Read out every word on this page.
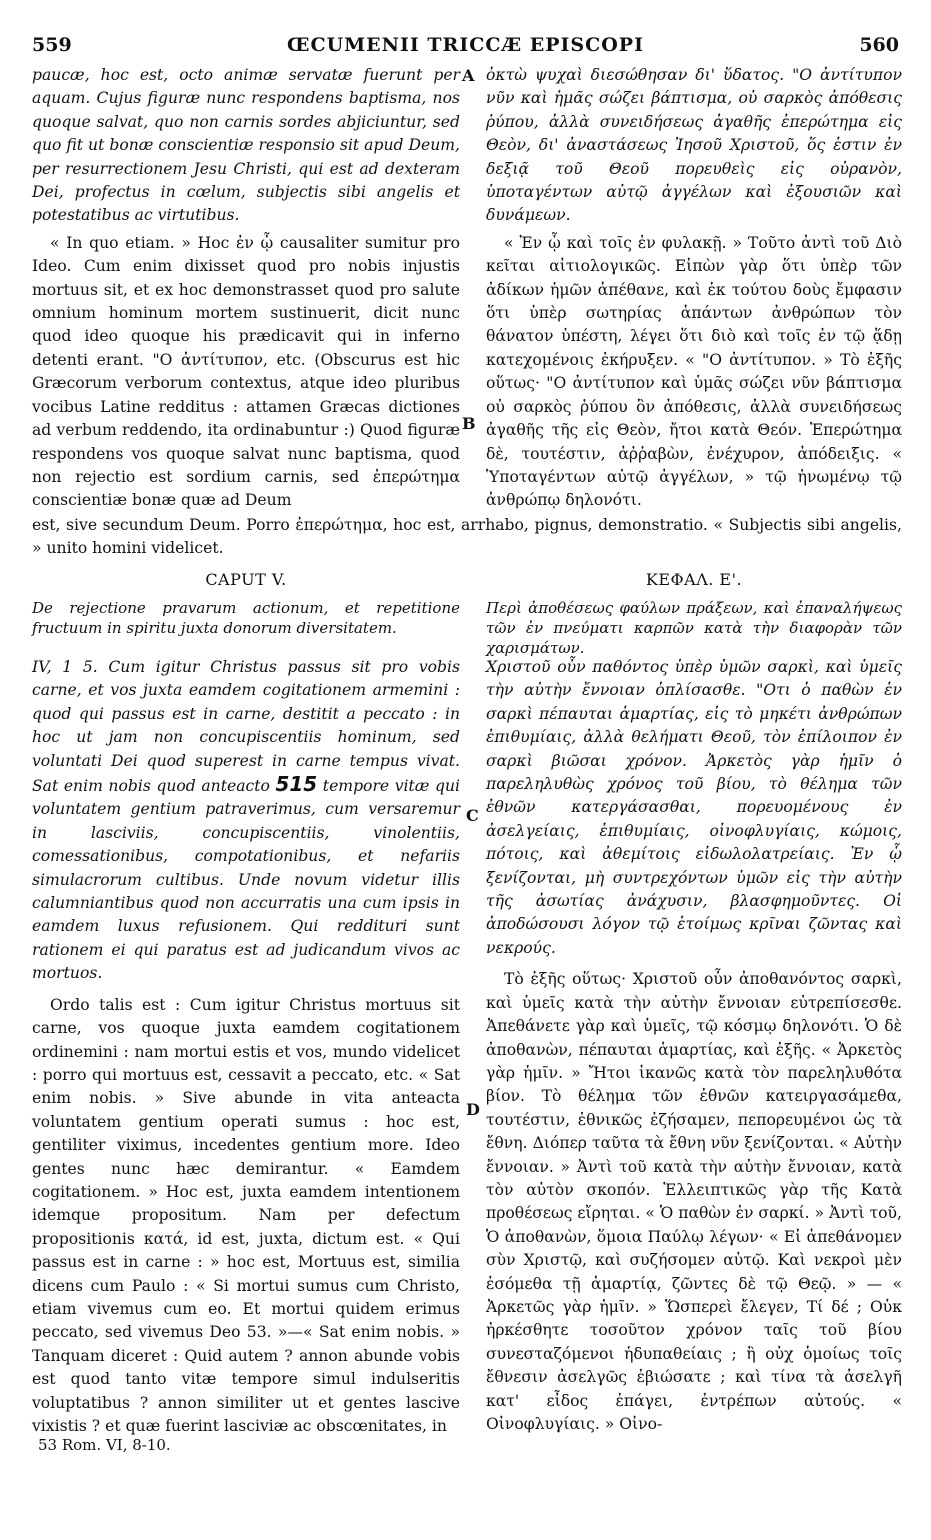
559	ŒCUMENII TRICCÆ EPISCOPI	560

paucæ, hoc est, octo animæ servatæ fuerunt per aquam. Cujus figuræ nunc respondens baptisma, nos quoque salvat, quo non carnis sordes abjiciuntur, sed quo fit ut bonæ conscientiæ responsio sit apud Deum, per resurrectionem Jesu Christi, qui est ad dexteram Dei, profectus in cœlum, subjectis sibi angelis et potestatibus ac virtutibus.

« In quo etiam. » Hoc ἐν ᾧ causaliter sumitur pro Ideo. Cum enim dixisset quod pro nobis injustis mortuus sit, et ex hoc demonstrasset quod pro salute omnium hominum mortem sustinuerit, dicit nunc quod ideo quoque his prædicavit qui in inferno detenti erant. "Ο ἀντίτυπον, etc. (Obscurus est hic Græcorum verborum contextus, atque ideo pluribus vocibus Latine redditus : attamen Græcas dictiones ad verbum reddendo, ita ordinabuntur :) Quod figuræ respondens vos quoque salvat nunc baptisma, quod non rejectio est sordium carnis, sed ἐπερώτημα conscientiæ bonæ quæ ad Deum

ὀκτὼ ψυχαὶ διεσώθησαν δι' ὕδατος. "Ο ἀντίτυπον νῦν καὶ ἡμᾶς σώζει βάπτισμα, οὐ σαρκὸς ἀπόθεσις ῥύπου, ἀλλὰ συνειδήσεως ἀγαθῆς ἐπερώτημα εἰς Θεὸν, δι' ἀναστάσεως Ἰησοῦ Χριστοῦ, ὅς ἐστιν ἐν δεξιᾷ τοῦ Θεοῦ πορευθεὶς εἰς οὐρανὸν, ὑποταγέντων αὐτῷ ἀγγέλων καὶ ἐξουσιῶν καὶ δυνάμεων.

« Ἐν ᾧ καὶ τοῖς ἐν φυλακῇ. » Τοῦτο ἀντὶ τοῦ Διὸ κεῖται αἰτιολογικῶς. Εἰπὼν γὰρ ὅτι ὑπὲρ τῶν ἀδίκων ἡμῶν ἀπέθανε, καὶ ἐκ τούτου δοὺς ἔμφασιν ὅτι ὑπὲρ σωτηρίας ἁπάντων ἀνθρώπων τὸν θάνατον ὑπέστη, λέγει ὅτι διὸ καὶ τοῖς ἐν τῷ ᾅδῃ κατεχομένοις ἐκήρυξεν. « "Ο ἀντίτυπον. » Τὸ ἑξῆς οὕτως· "Ο ἀντίτυπον καὶ ὑμᾶς σώζει νῦν βάπτισμα οὐ σαρκὸς ῥύπου ὂν ἀπόθεσις, ἀλλὰ συνειδήσεως ἀγαθῆς τῆς εἰς Θεὸν, ἤτοι κατὰ Θεόν. Ἐπερώτημα δὲ, τουτέστιν, ἀῤῥαβὼν, ἐνέχυρον, ἀπόδειξις. « Ὑποταγέντων αὐτῷ ἀγγέλων, » τῷ ἡνωμένῳ τῷ ἀνθρώπῳ δηλονότι.

est, sive secundum Deum. Porro ἐπερώτημα, hoc est, arrhabo, pignus, demonstratio. « Subjectis sibi angelis, » unito homini videlicet.
A
B
CAPUT V.	ΚΕΦΑΛ. Ε'.
De rejectione pravarum actionum, et repetitione fructuum in spiritu juxta donorum diversitatem.
Περὶ ἀποθέσεως φαύλων πράξεων, καὶ ἐπαναλήψεως τῶν ἐν πνεύματι καρπῶν κατὰ τὴν διαφορὰν τῶν χαρισμάτων.

IV, 1 5. Cum igitur Christus passus sit pro vobis carne, et vos juxta eamdem cogitationem armemini : quod qui passus est in carne, destitit a peccato : in hoc ut jam non concupiscentiis hominum, sed voluntati Dei quod superest in carne tempus vivat. Sat enim nobis quod anteacto 515 tempore vitæ qui voluntatem gentium patraverimus, cum versaremur in lasciviis, concupiscentiis, vinolentiis, comessationibus, compotationibus, et nefariis simulacrorum cultibus. Unde novum videtur illis calumniantibus quod non accurratis una cum ipsis in eamdem luxus refusionem. Qui reddituri sunt rationem ei qui paratus est ad judicandum vivos ac mortuos.

Ordo talis est : Cum igitur Christus mortuus sit carne, vos quoque juxta eamdem cogitationem ordinemini : nam mortui estis et vos, mundo videlicet : porro qui mortuus est, cessavit a peccato, etc. « Sat enim nobis. » Sive abunde in vita anteacta voluntatem gentium operati sumus : hoc est, gentiliter viximus, incedentes gentium more. Ideo gentes nunc hæc demirantur. « Eamdem cogitationem. » Hoc est, juxta eamdem intentionem idemque propositum. Nam per defectum propositionis κατά, id est, juxta, dictum est. « Qui passus est in carne : » hoc est, Mortuus est, similia dicens cum Paulo : « Si mortui sumus cum Christo, etiam vivemus cum eo. Et mortui quidem erimus peccato, sed vivemus Deo 53. »—« Sat enim nobis. » Tanquam diceret : Quid autem ? annon abunde vobis est quod tanto vitæ tempore simul indulseritis voluptatibus ? annon similiter ut et gentes lascive vixistis ? et quæ fuerint lasciviæ ac obscœnitates, in

Χριστοῦ οὖν παθόντος ὑπὲρ ὑμῶν σαρκὶ, καὶ ὑμεῖς τὴν αὐτὴν ἔννοιαν ὁπλίσασθε. "Οτι ὁ παθὼν ἐν σαρκὶ πέπαυται ἁμαρτίας, εἰς τὸ μηκέτι ἀνθρώπων ἐπιθυμίαις, ἀλλὰ θελήματι Θεοῦ, τὸν ἐπίλοιπον ἐν σαρκὶ βιῶσαι χρόνον. Ἀρκετὸς γὰρ ἡμῖν ὁ παρεληλυθὼς χρόνος τοῦ βίου, τὸ θέλημα τῶν ἐθνῶν κατεργάσασθαι, πορευομένους ἐν ἀσελγείαις, ἐπιθυμίαις, οἰνοφλυγίαις, κώμοις, πότοις, καὶ ἀθεμίτοις εἰδωλολατρείαις. Ἐν ᾧ ξενίζονται, μὴ συντρεχόντων ὑμῶν εἰς τὴν αὐτὴν τῆς ἀσωτίας ἀνάχυσιν, βλασφημοῦντες. Οἱ ἀποδώσουσι λόγον τῷ ἑτοίμως κρῖναι ζῶντας καὶ νεκρούς.

Τὸ ἑξῆς οὕτως· Χριστοῦ οὖν ἀποθανόντος σαρκὶ, καὶ ὑμεῖς κατὰ τὴν αὐτὴν ἔννοιαν εὐτρεπίσεσθε. Ἀπεθάνετε γὰρ καὶ ὑμεῖς, τῷ κόσμῳ δηλονότι. Ὁ δὲ ἀποθανὼν, πέπαυται ἁμαρτίας, καὶ ἑξῆς. « Ἀρκετὸς γὰρ ἡμῖν. » Ἤτοι ἱκανῶς κατὰ τὸν παρεληλυθότα βίον. Τὸ θέλημα τῶν ἐθνῶν κατειργασάμεθα, τουτέστιν, ἐθνικῶς ἐζήσαμεν, πεπορευμένοι ὡς τὰ ἔθνη. Διόπερ ταῦτα τὰ ἔθνη νῦν ξενίζονται. « Αὐτὴν ἔννοιαν. » Ἀντὶ τοῦ κατὰ τὴν αὐτὴν ἔννοιαν, κατὰ τὸν αὐτὸν σκοπόν. Ἐλλειπτικῶς γὰρ τῆς Κατὰ προθέσεως εἴρηται. « Ὁ παθὼν ἐν σαρκί. » Ἀντὶ τοῦ, Ὁ ἀποθανὼν, ὅμοια Παύλῳ λέγων· « Εἰ ἀπεθάνομεν σὺν Χριστῷ, καὶ συζήσομεν αὐτῷ. Καὶ νεκροὶ μὲν ἐσόμεθα τῇ ἁμαρτίᾳ, ζῶντες δὲ τῷ Θεῷ. » — « Ἀρκετῶς γὰρ ἡμῖν. » Ὥσπερεὶ ἔλεγεν, Τί δέ ; Οὐκ ἠρκέσθητε τοσοῦτον χρόνον ταῖς τοῦ βίου συνεσταζόμενοι ἡδυπαθείαις ; ἢ οὐχ ὁμοίως τοῖς ἔθνεσιν ἀσελγῶς ἐβιώσατε ; καὶ τίνα τὰ ἀσελγῆ κατ' εἶδος ἐπάγει, ἐντρέπων αὐτούς. « Οἰνοφλυγίαις. » Οἰνο-

C
D
53 Rom. VI, 8-10.
